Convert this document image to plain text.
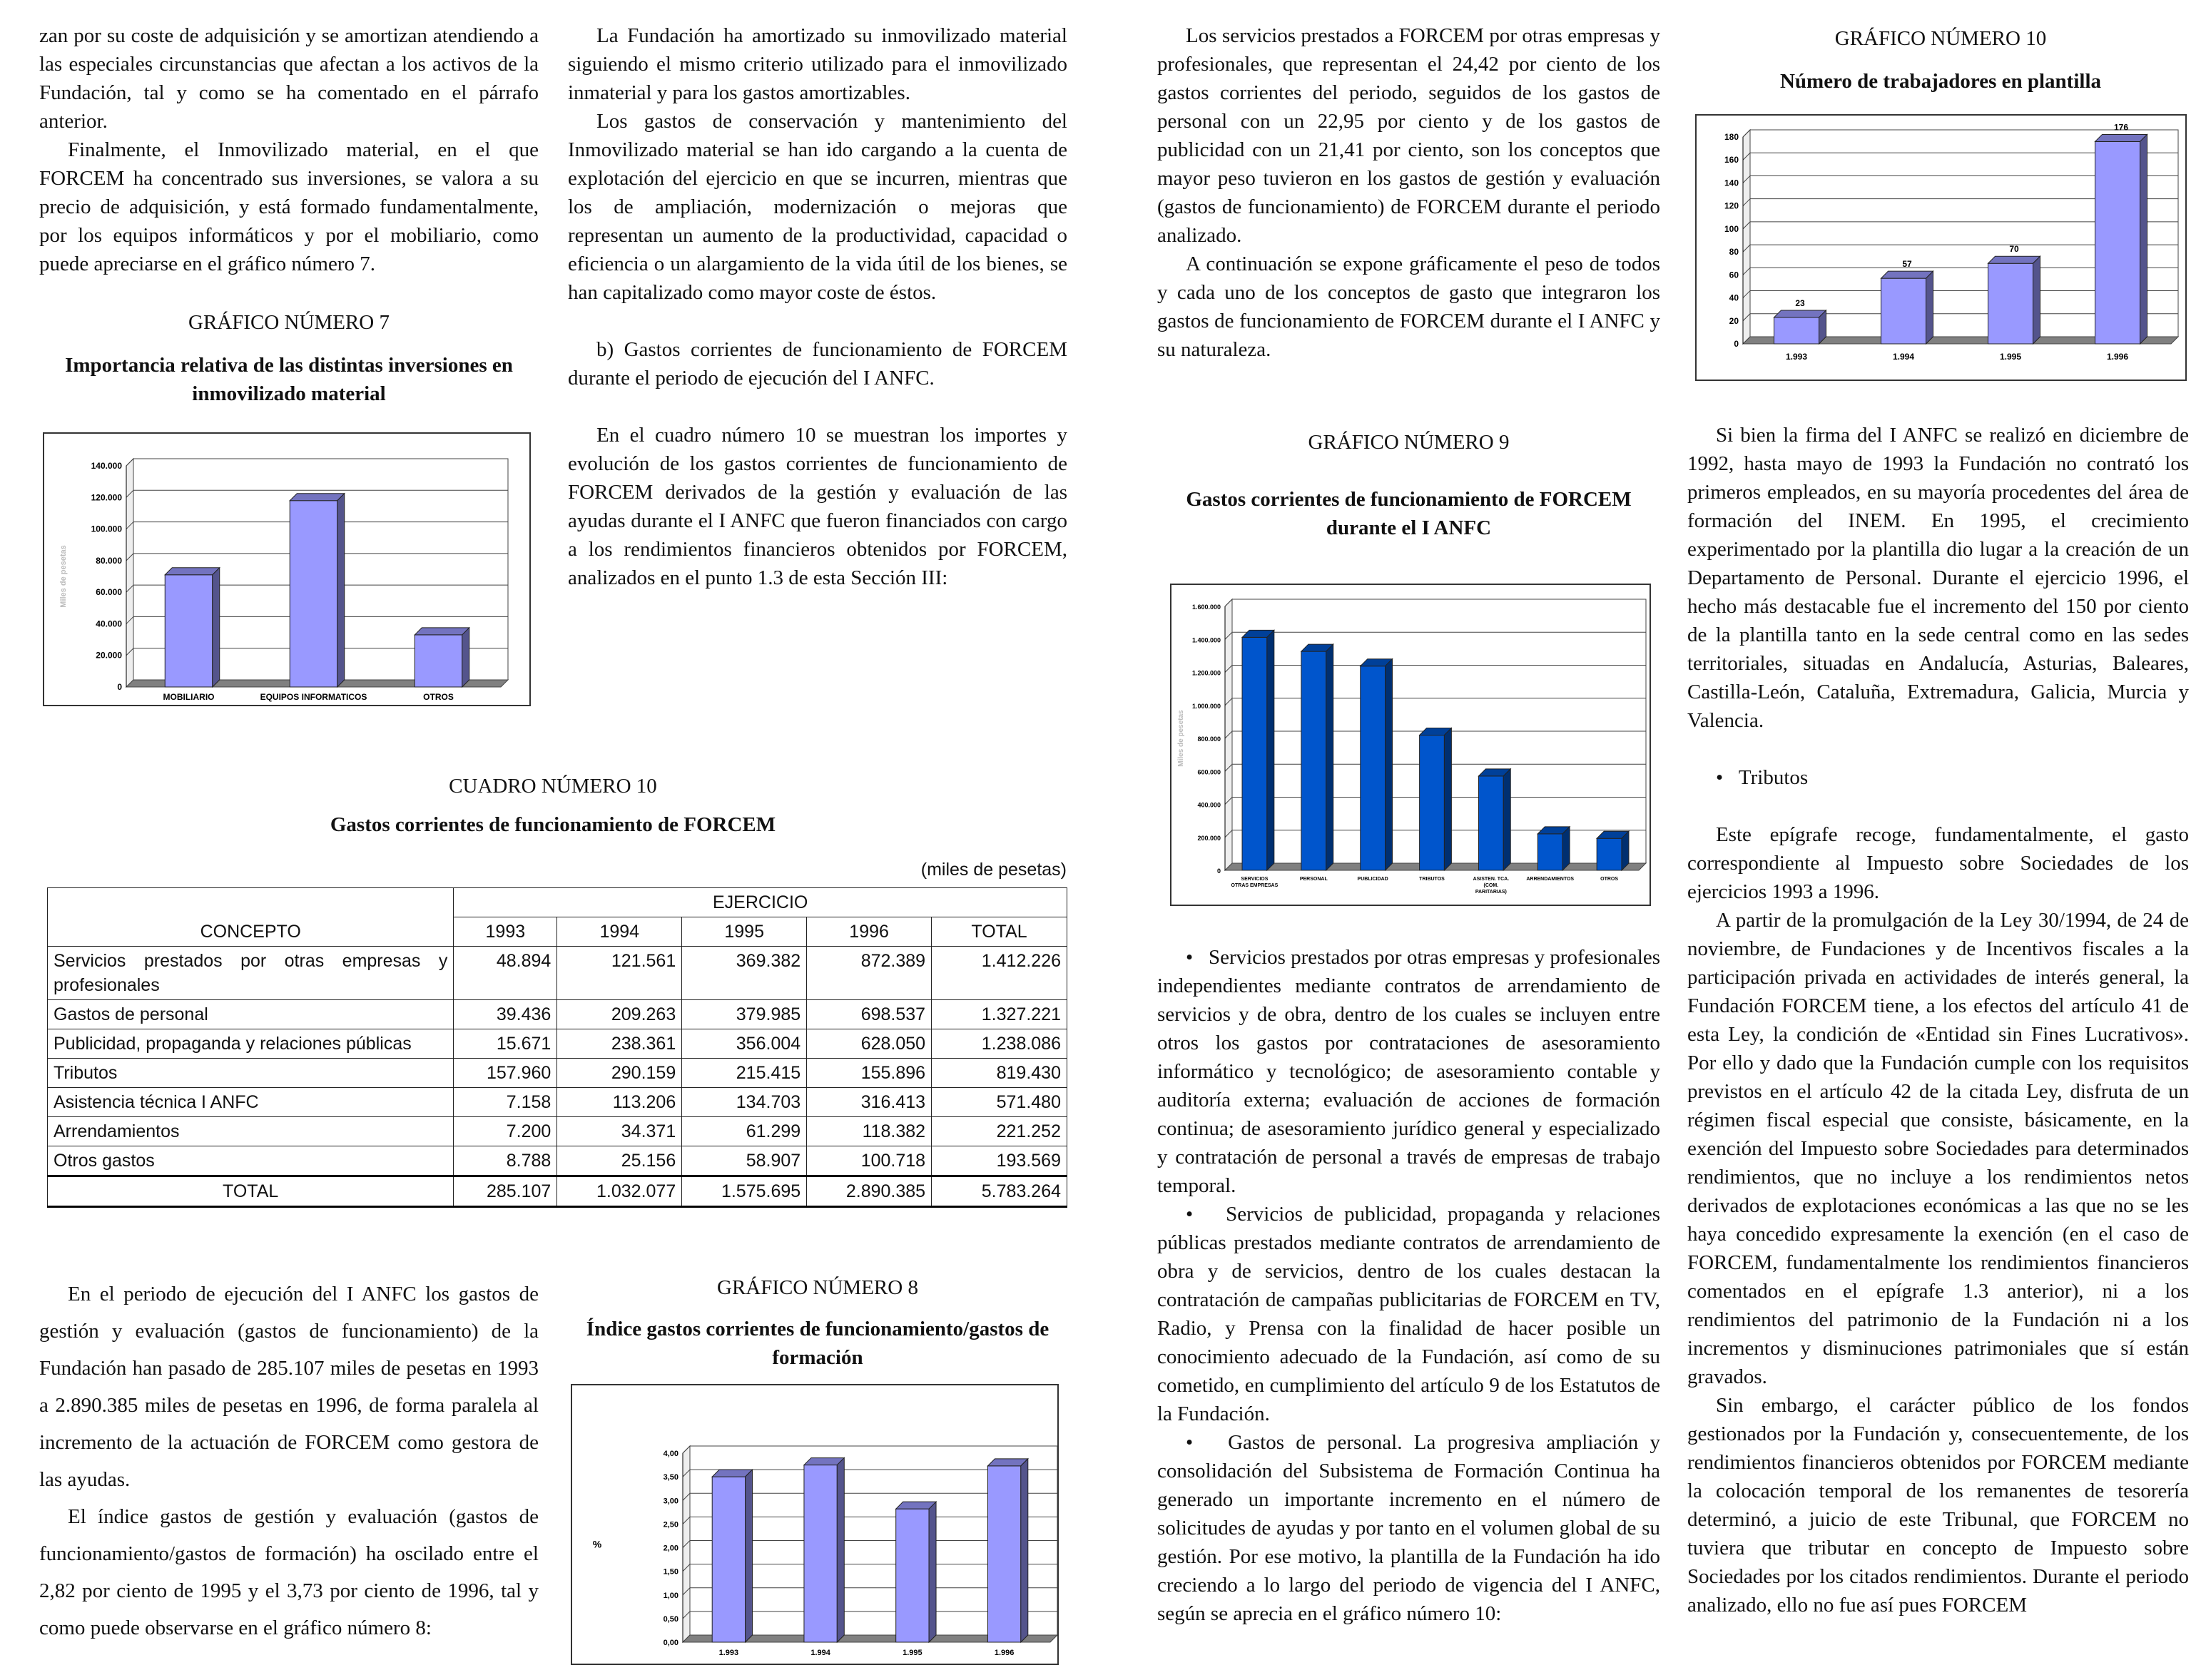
zan por su coste de adquisición y se amortizan atendiendo a las especiales circunstancias que afectan a los activos de la Fundación, tal y como se ha comentado en el párrafo anterior.

Finalmente, el Inmovilizado material, en el que FORCEM ha concentrado sus inversiones, se valora a su precio de adquisición, y está formado fundamentalmente, por los equipos informáticos y por el mobiliario, como puede apreciarse en el gráfico número 7.

GRÁFICO NÚMERO 7

Importancia relativa de las distintas inversiones en inmovilizado material

0
20.000
40.000
60.000
80.000
100.000
120.000
140.000
MOBILIARIO	EQUIPOS INFORMATICOS	OTROS
Miles de pesetas

CUADRO NÚMERO 10

Gastos corrientes de funcionamiento de FORCEM

(miles de pesetas)

	EJERCICIO				
CONCEPTO	1993	1994	1995	1996	TOTAL
Servicios prestados por otras empresas y profesionales	48.894	121.561	369.382	872.389	1.412.226
Gastos de personal	39.436	209.263	379.985	698.537	1.327.221
Publicidad, propaganda y relaciones públicas	15.671	238.361	356.004	628.050	1.238.086
Tributos	157.960	290.159	215.415	155.896	819.430
Asistencia técnica I ANFC	7.158	113.206	134.703	316.413	571.480
Arrendamientos	7.200	34.371	61.299	118.382	221.252
Otros gastos	8.788	25.156	58.907	100.718	193.569
TOTAL	285.107	1.032.077	1.575.695	2.890.385	5.783.264

En el periodo de ejecución del I ANFC los gastos de gestión y evaluación (gastos de funcionamiento) de la Fundación han pasado de 285.107 miles de pesetas en 1993 a 2.890.385 miles de pesetas en 1996, de forma paralela al incremento de la actuación de FORCEM como gestora de las ayudas.

El índice gastos de gestión y evaluación (gastos de funcionamiento/gastos de formación) ha oscilado entre el 2,82 por ciento de 1995 y el 3,73 por ciento de 1996, tal y como puede observarse en el gráfico número 8:

La Fundación ha amortizado su inmovilizado material siguiendo el mismo criterio utilizado para el inmovilizado inmaterial y para los gastos amortizables.

Los gastos de conservación y mantenimiento del Inmovilizado material se han ido cargando a la cuenta de explotación del ejercicio en que se incurren, mientras que los de ampliación, modernización o mejoras que representan un aumento de la productividad, capacidad o eficiencia o un alargamiento de la vida útil de los bienes, se han capitalizado como mayor coste de éstos.

b) Gastos corrientes de funcionamiento de FORCEM durante el periodo de ejecución del I ANFC.

En el cuadro número 10 se muestran los importes y evolución de los gastos corrientes de funcionamiento de FORCEM derivados de la gestión y evaluación de las ayudas durante el I ANFC que fueron financiados con cargo a los rendimientos financieros obtenidos por FORCEM, analizados en el punto 1.3 de esta Sección III:

GRÁFICO NÚMERO 8

Índice gastos corrientes de funcionamiento/gastos de formación

0,00
0,50
1,00
1,50
2,00
2,50
3,00
3,50
4,00
1.993	1.994	1.995	1.996
%

Los servicios prestados a FORCEM por otras empresas y profesionales, que representan el 24,42 por ciento de los gastos corrientes del periodo, seguidos de los gastos de personal con un 22,95 por ciento y de los gastos de publicidad con un 21,41 por ciento, son los conceptos que mayor peso tuvieron en los gastos de gestión y evaluación (gastos de funcionamiento) de FORCEM durante el periodo analizado.

A continuación se expone gráficamente el peso de todos y cada uno de los conceptos de gasto que integraron los gastos de funcionamiento de FORCEM durante el I ANFC y su naturaleza.

GRÁFICO NÚMERO 9

Gastos corrientes de funcionamiento de FORCEM durante el I ANFC

0
200.000
400.000
600.000
800.000
1.000.000
1.200.000
1.400.000
1.600.000
SERVICIOS
OTRAS EMPRESAS
PERSONAL	PUBLICIDAD	TRIBUTOS	ASISTEN. TCA.
(COM.
PARITARIAS)
ARRENDAMIENTOS	OTROS
Miles de pesetas

• Servicios prestados por otras empresas y profesionales independientes mediante contratos de arrendamiento de servicios y de obra, dentro de los cuales se incluyen entre otros los gastos por contrataciones de asesoramiento informático y tecnológico; de asesoramiento contable y auditoría externa; evaluación de acciones de formación continua; de asesoramiento jurídico general y especializado y contratación de personal a través de empresas de trabajo temporal.

• Servicios de publicidad, propaganda y relaciones públicas prestados mediante contratos de arrendamiento de obra y de servicios, dentro de los cuales destacan la contratación de campañas publicitarias de FORCEM en TV, Radio, y Prensa con la finalidad de hacer posible un conocimiento adecuado de la Fundación, así como de su cometido, en cumplimiento del artículo 9 de los Estatutos de la Fundación.

• Gastos de personal. La progresiva ampliación y consolidación del Subsistema de Formación Continua ha generado un importante incremento en el número de solicitudes de ayudas y por tanto en el volumen global de su gestión. Por ese motivo, la plantilla de la Fundación ha ido creciendo a lo largo del periodo de vigencia del I ANFC, según se aprecia en el gráfico número 10:

GRÁFICO NÚMERO 10

Número de trabajadores en plantilla

0
20
40
60
80
100
120
140
160
180
23
1.993
57
1.994
70
1.995
176
1.996

Si bien la firma del I ANFC se realizó en diciembre de 1992, hasta mayo de 1993 la Fundación no contrató los primeros empleados, en su mayoría procedentes del área de formación del INEM. En 1995, el crecimiento experimentado por la plantilla dio lugar a la creación de un Departamento de Personal. Durante el ejercicio 1996, el hecho más destacable fue el incremento del 150 por ciento de la plantilla tanto en la sede central como en las sedes territoriales, situadas en Andalucía, Asturias, Baleares, Castilla-León, Cataluña, Extremadura, Galicia, Murcia y Valencia.

• Tributos

Este epígrafe recoge, fundamentalmente, el gasto correspondiente al Impuesto sobre Sociedades de los ejercicios 1993 a 1996.

A partir de la promulgación de la Ley 30/1994, de 24 de noviembre, de Fundaciones y de Incentivos fiscales a la participación privada en actividades de interés general, la Fundación FORCEM tiene, a los efectos del artículo 41 de esta Ley, la condición de «Entidad sin Fines Lucrativos». Por ello y dado que la Fundación cumple con los requisitos previstos en el artículo 42 de la citada Ley, disfruta de un régimen fiscal especial que consiste, básicamente, en la exención del Impuesto sobre Sociedades para determinados rendimientos, que no incluye a los rendimientos netos derivados de explotaciones económicas a las que no se les haya concedido expresamente la exención (en el caso de FORCEM, fundamentalmente los rendimientos financieros comentados en el epígrafe 1.3 anterior), ni a los rendimientos del patrimonio de la Fundación ni a los incrementos y disminuciones patrimoniales que sí están gravados.

Sin embargo, el carácter público de los fondos gestionados por la Fundación y, consecuentemente, de los rendimientos financieros obtenidos por FORCEM mediante la colocación temporal de los remanentes de tesorería determinó, a juicio de este Tribunal, que FORCEM no tuviera que tributar en concepto de Impuesto sobre Sociedades por los citados rendimientos. Durante el periodo analizado, ello no fue así pues FORCEM
